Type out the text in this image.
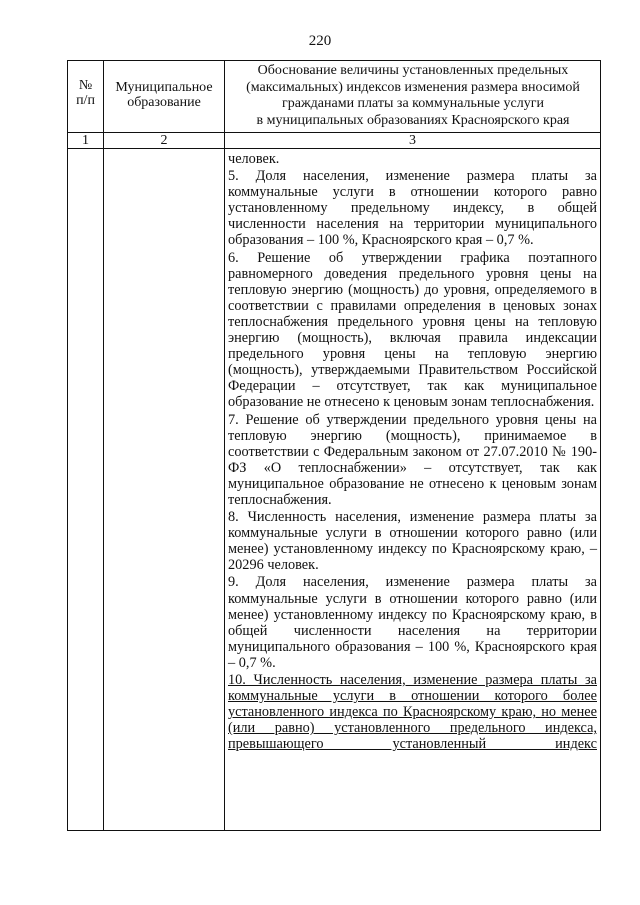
220
№
п/п
Муниципальное
образование
Обоснование величины установленных предельных (максимальных) индексов изменения размера вносимой гражданами платы за коммунальные услуги
в муниципальных образованиях Красноярского края
1	2	3

человек.

5. Доля населения, изменение размера платы за коммунальные услуги в отношении которого равно установленному предельному индексу, в общей численности населения на территории муниципального образования – 100 %, Красноярского края – 0,7 %.

6. Решение об утверждении графика поэтапного равномерного доведения предельного уровня цены на тепловую энергию (мощность) до уровня, определяемого в соответствии с правилами определения в ценовых зонах теплоснабжения предельного уровня цены на тепловую энергию (мощность), включая правила индексации предельного уровня цены на тепловую энергию (мощность), утверждаемыми Правительством Российской Федерации – отсутствует, так как муниципальное образование не отнесено к ценовым зонам теплоснабжения.

7. Решение об утверждении предельного уровня цены на тепловую энергию (мощность), принимаемое в соответствии с Федеральным законом от 27.07.2010 № 190-ФЗ «О теплоснабжении» – отсутствует, так как муниципальное образование не отнесено к ценовым зонам теплоснабжения.

8. Численность населения, изменение размера платы за коммунальные услуги в отношении которого равно (или менее) установленному индексу по Красноярскому краю, – 20296 человек.

9. Доля населения, изменение размера платы за коммунальные услуги в отношении которого равно (или менее) установленному индексу по Красноярскому краю, в общей численности населения на территории муниципального образования – 100 %, Красноярского края – 0,7 %.

10. Численность населения, изменение размера платы за коммунальные услуги в отношении которого более установленного индекса по Красноярскому краю, но менее (или равно) установленного предельного индекса, превышающего установленный индекс
